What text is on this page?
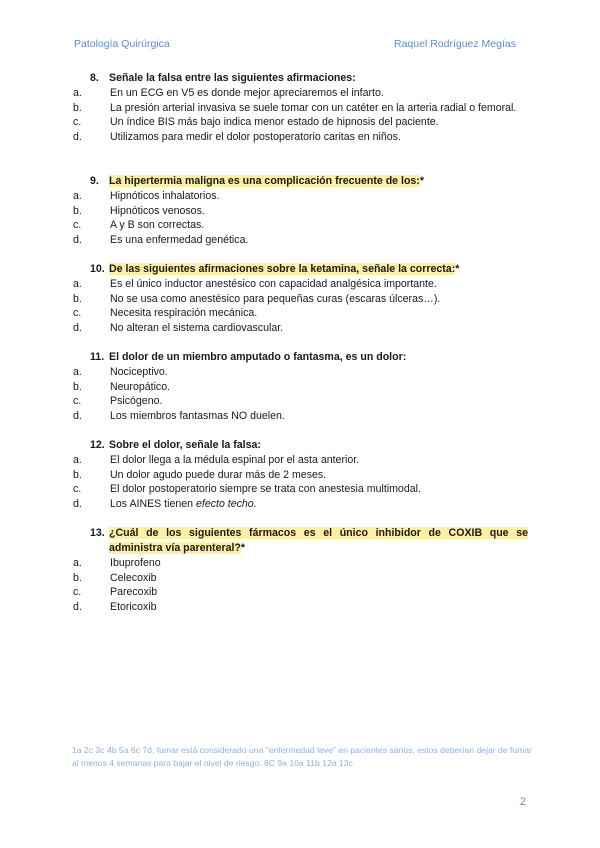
Patología Quirúrgica	Raquel Rodríguez Megías
8. Señale la falsa entre las siguientes afirmaciones:
a.	En un ECG en V5 es donde mejor apreciaremos el infarto.
b.	La presión arterial invasiva se suele tomar con un catéter en la arteria radial o femoral.
c.	Un índice BIS más bajo indica menor estado de hipnosis del paciente.
d.	Utilizamos para medir el dolor postoperatorio caritas en niños.
9. La hipertermia maligna es una complicación frecuente de los:*
a.	Hipnóticos inhalatorios.
b.	Hipnóticos venosos.
c.	A y B son correctas.
d.	Es una enfermedad genética.
10. De las siguientes afirmaciones sobre la ketamina, señale la correcta:*
a.	Es el único inductor anestésico con capacidad analgésica importante.
b.	No se usa como anestésico para pequeñas curas (escaras úlceras…).
c.	Necesita respiración mecánica.
d.	No alteran el sistema cardiovascular.
11. El dolor de un miembro amputado o fantasma, es un dolor:
a.	Nociceptivo.
b.	Neuropático.
c.	Psicógeno.
d.	Los miembros fantasmas NO duelen.
12. Sobre el dolor, señale la falsa:
a.	El dolor llega a la médula espinal por el asta anterior.
b.	Un dolor agudo puede durar más de 2 meses.
c.	El dolor postoperatorio siempre se trata con anestesia multimodal.
d.	Los AINES tienen efecto techo.
13. ¿Cuál de los siguientes fármacos es el único inhibidor de COXIB que se administra vía parenteral?*
a.	Ibuprofeno
b.	Celecoxib
c.	Parecoxib
d.	Etoricoxib
1a 2c 3c 4b 5a 6c 7d, fumar está considerado una "enfermedad leve" en pacientes sanos, estos deberían dejar de fumar al menos 4 semanas para bajar el nivel de riesgo. 8C 9a 10a 11b 12a 13c
2
